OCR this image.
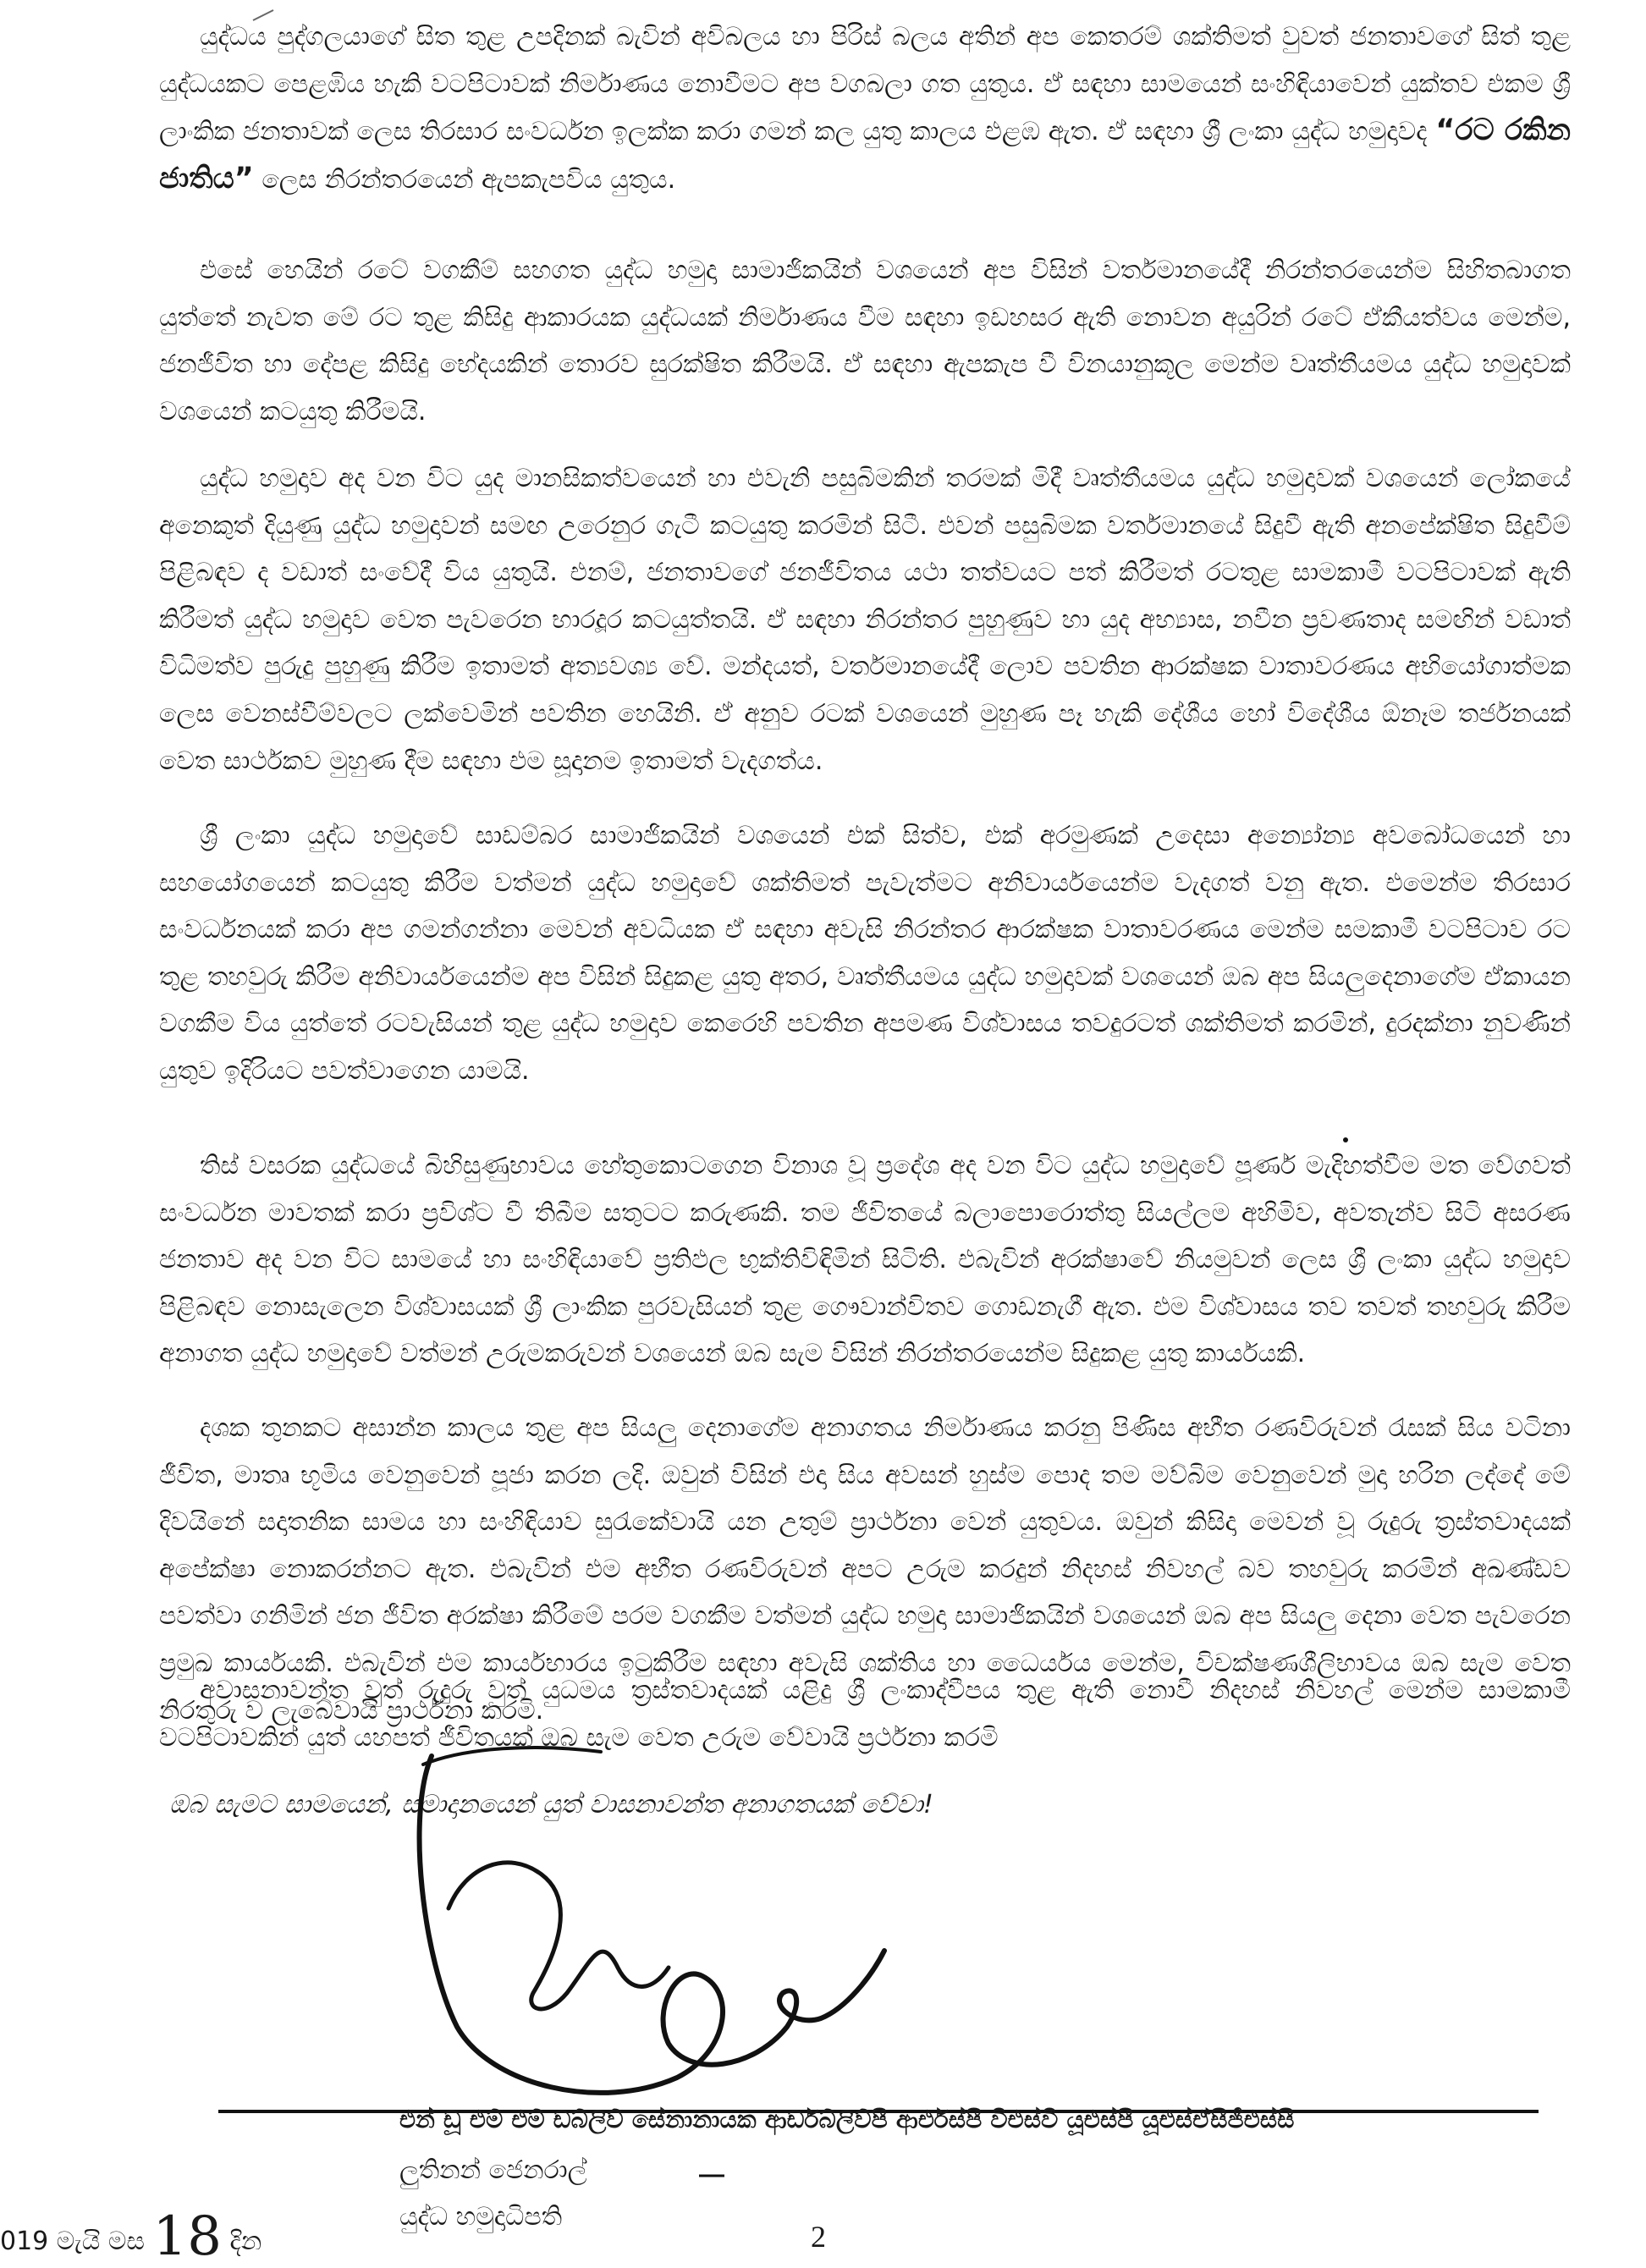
යුද්ධය පුද්ගලයාගේ සිත තුළ උපදිනක් බැවින් අවිබලය හා පිරිස් බලය අතින් අප කෙතරම් ශක්තිමත් වුවත් ජනතාවගේ සිත් තුළ යුද්ධයකට පෙළඹිය හැකි වටපිටාවක් නිර්මාණය නොවීමට අප වගබලා ගත යුතුය. ඒ සඳහා සාමයෙන් සංහිඳියාවෙන් යුක්තව එකම ශ්‍රී ලාංකික ජනතාවක් ලෙස තිරසාර සංවර්ධන ඉලක්ක කරා ගමන් කල යුතු කාලය එළඹ ඇත. ඒ සඳහා ශ්‍රී ලංකා යුද්ධ හමුදාවද “රට රකින ජාතිය” ලෙස නිරන්තරයෙන් ඇපකැපවිය යුතුය.

එසේ හෙයින් රටේ වගකීම් සහගත යුද්ධ හමුදා සාමාජිකයින් වශයෙන් අප විසින් වර්තමානයේදී නිරන්තරයෙන්ම සිහිතබාගත යුත්තේ නැවත මේ රට තුළ කිසිදු ආකාරයක යුද්ධයක් නිර්මාණය වීම සඳහා ඉඩහසර ඇති නොවන අයුරින් රටේ ඒකීයත්වය මෙන්ම, ජනජීවිත හා දේපළ කිසිදු භේදයකින් තොරව සුරක්ෂිත කිරීමයි. ඒ සඳහා ඇපකැප වී විනයානුකූල මෙන්ම වෘත්තීයමය යුද්ධ හමුදාවක් වශයෙන් කටයුතු කිරීමයි.

යුද්ධ හමුදාව අද වන විට යුද මානසිකත්වයෙන් හා එවැනි පසුබිමකින් තරමක් මිදී වෘත්තීයමය යුද්ධ හමුදාවක් වශයෙන් ලෝකයේ අනෙකුත් දියුණු යුද්ධ හමුදාවන් සමඟ උරෙනුර ගැටී කටයුතු කරමින් සිටී. එවන් පසුබිමක වර්තමානයේ සිදුවී ඇති අනපේක්ෂිත සිදුවීම් පිළිබඳව ද වඩාත් සංවේදී විය යුතුයි. එනම්, ජනතාවගේ ජනජීවිතය යථා තත්වයට පත් කිරීමත් රටතුළ සාමකාමී වටපිටාවක් ඇති කිරීමත් යුද්ධ හමුදාව වෙත පැවරෙන භාරදූර කටයුත්තයි. ඒ සඳහා නිරන්තර පුහුණුව හා යුද අභ්‍යාස, නවීන ප්‍රවණතාද සමඟින් වඩාත් විධිමත්ව පුරුදු පුහුණු කිරීම ඉතාමත් අත්‍යවශ්‍ය වේ. මන්දයත්, වර්තමානයේදී ලොව පවතින ආරක්ෂක වාතාවරණය අභියෝගාත්මක ලෙස වෙනස්වීම්වලට ලක්වෙමින් පවතින හෙයිනි. ඒ අනුව රටක් වශයෙන් මුහුණ පෑ හැකි දේශීය හෝ විදේශීය ඕනෑම තර්ජනයක් වෙත සාර්ථකව මුහුණ දීම සඳහා එම සූදානම ඉතාමත් වැදගත්ය.

ශ්‍රී ලංකා යුද්ධ හමුදාවේ සාඩම්බර සාමාජිකයින් වශයෙන් එක් සිත්ව, එක් අරමුණක් උදෙසා අන්‍යෝන්‍ය අවබෝධයෙන් හා සහයෝගයෙන් කටයුතු කිරීම වත්මන් යුද්ධ හමුදාවේ ශක්තිමත් පැවැත්මට අනිවාර්යයෙන්ම වැදගත් වනු ඇත. එමෙන්ම තිරසාර සංවර්ධනයක් කරා අප ගමන්ගන්නා මෙවන් අවධියක ඒ සඳහා අවැසි නිරන්තර ආරක්ෂක වාතාවරණය මෙන්ම සමකාමී වටපිටාව රට තුළ තහවුරු කිරීම අනිවාර්යයෙන්ම අප විසින් සිදුකළ යුතු අතර, වෘත්තීයමය යුද්ධ හමුදාවක් වශයෙන් ඔබ අප සියලුදෙනාගේම ඒකායන වගකීම විය යුත්තේ රටවැසියන් තුළ යුද්ධ හමුදාව කෙරෙහි පවතින අපමණ විශ්වාසය තවදුරටත් ශක්තිමත් කරමින්, දුරදක්නා නුවණින් යුතුව ඉදිරියට පවත්වාගෙන යාමයි.

තිස් වසරක යුද්ධයේ බිහිසුණුභාවය හේතුකොටගෙන විනාශ වූ ප්‍රදේශ අද වන විට යුද්ධ හමුදාවේ පූර්ණ මැදිහත්වීම මත වේගවත් සංවර්ධන මාවතක් කරා ප්‍රවිශ්ට වී තිබීම සතුටට කරුණකි. තම ජීවිතයේ බලාපොරොත්තු සියල්ලම අහිමිව, අවතැන්ව සිටි අසරණ ජනතාව අද වන විට සාමයේ හා සංහිඳියාවේ ප්‍රතිඵල භුක්තිවිඳිමින් සිටිති. එබැවින් අරක්ෂාවේ නියමුවන් ලෙස ශ්‍රී ලංකා යුද්ධ හමුදාව පිළිබඳව නොසැලෙන විශ්වාසයක් ශ්‍රී ලාංකික පුරවැසියන් තුළ ගෞවාන්විතව ගොඩනැගී ඇත. එම විශ්වාසය තව තවත් තහවුරු කිරීම අනාගත යුද්ධ හමුදාවේ වත්මන් උරුමකරුවන් වශයෙන් ඔබ සැම විසින් නිරන්තරයෙන්ම සිදුකළ යුතු කාර්යයකි.

දශක තුනකට අසාන්න කාලය තුළ අප සියලු දෙනාගේම අනාගතය නිර්මාණය කරනු පිණිස අභීත රණවිරුවන් රැසක් සිය වටිනා ජීවිත, මාතෘ භූමිය වෙනුවෙන් පූජා කරන ලදි. ඔවුන් විසින් එදා සිය අවසන් හුස්ම පොද තම මව්බිම වෙනුවෙන් මුදා හරින ලද්දේ මේ දිවයිනේ සදාතනික සාමය හා සංහිඳියාව සුරැකේවායි යන උතුම් ප්‍රාර්ථනා වෙන් යුතුවය. ඔවුන් කිසිදා මෙවන් වූ රුදුරු ත්‍රස්තවාදයක් අපේක්ෂා නොකරන්නට ඇත. එබැවින් එම අභීත රණවිරුවන් අපට උරුම කරදුන් නිදහස් නිවහල් බව තහවුරු කරමින් අඛණ්ඩව පවත්වා ගනිමින් ජන ජීවිත අරක්ෂා කිරීමේ පරම වගකීම වත්මන් යුද්ධ හමුදා සාමාජිකයින් වශයෙන් ඔබ අප සියලු දෙනා වෙත පැවරෙන ප්‍රමුඛ කාර්යයකි. එබැවින් එම කාර්යභාරය ඉටුකිරීම සඳහා අවැසි ශක්තිය හා ධෛර්යය මෙන්ම, විචක්ෂණශීලිභාවය ඔබ සැම වෙත නිරතුරු ව ලැබේවායි ප්‍රාර්ථනා කරමි.

අවාසනාවන්ත වුත් රුදුරු වුත් යුධමය ත්‍රස්තවාදයක් යළිදු ශ්‍රී ලංකාද්වීපය තුළ ඇති නොවී නිදහස් නිවහල් මෙන්ම සාමකාමී වටපිටාවකින් යුත් යහපත් ජීවිතයක් ඔබ සැම වෙත උරුම වේවායි ප්‍රර්ථනා කරමි

ඔබ සැමට සාමයෙන්, සමාදානයෙන් යුත් වාසනාවන්ත අනාගතයක් වේවා!
එන් ඩූ එම් එම් ඩබ්ලිව් සේනානායක ආර්ඩබ්ලිව්පී ආර්එස්පී විඑස්වී යූඑස්පී යූඑස්ඒසීජීඑස්සී
ලුතිනන් ජෙනරාල්
යුද්ධ හමුදාධිපති
019 මැයි මස 18 දින	2
